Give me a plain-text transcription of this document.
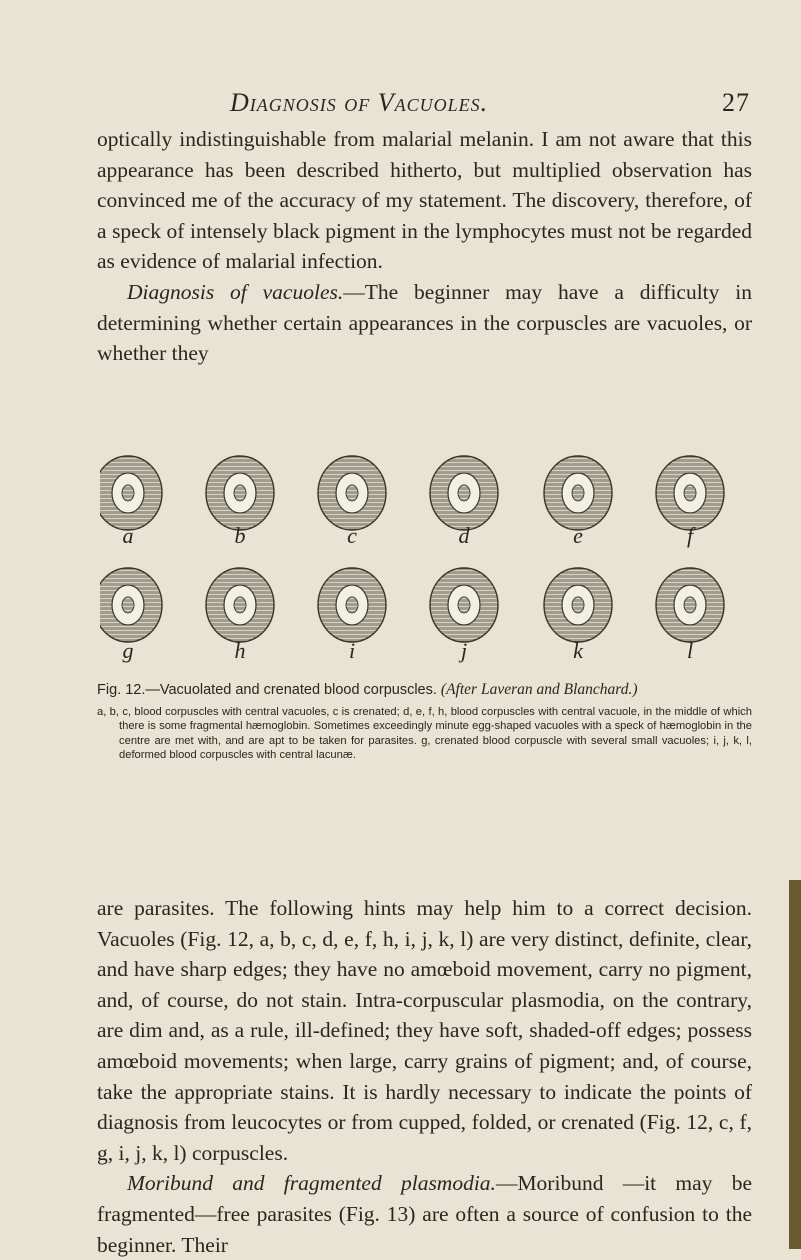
Diagnosis of Vacuoles.	27

optically indistinguishable from malarial melanin. I am not aware that this appearance has been described hitherto, but multiplied observation has convinced me of the accuracy of my statement. The discovery, therefore, of a speck of intensely black pigment in the lymphocytes must not be regarded as evidence of malarial infection.

Diagnosis of vacuoles.—The beginner may have a difficulty in determining whether certain appearances in the corpuscles are vacuoles, or whether they

a	b	c	d	e	f
g	h	i	j	k	l
Fig. 12.—Vacuolated and crenated blood corpuscles. (After Laveran and Blanchard.)
a, b, c, blood corpuscles with central vacuoles, c is crenated; d, e, f, h, blood corpuscles with central vacuole, in the middle of which there is some fragmental hæmoglobin. Sometimes exceedingly minute egg-shaped vacuoles with a speck of hæmoglobin in the centre are met with, and are apt to be taken for parasites. g, crenated blood corpuscle with several small vacuoles; i, j, k, l, deformed blood corpuscles with central lacunæ.

are parasites. The following hints may help him to a correct decision. Vacuoles (Fig. 12, a, b, c, d, e, f, h, i, j, k, l) are very distinct, definite, clear, and have sharp edges; they have no amœboid movement, carry no pigment, and, of course, do not stain. Intra-corpuscular plasmodia, on the contrary, are dim and, as a rule, ill-defined; they have soft, shaded-off edges; possess amœboid movements; when large, carry grains of pigment; and, of course, take the appropriate stains. It is hardly necessary to indicate the points of diagnosis from leucocytes or from cupped, folded, or crenated (Fig. 12, c, f, g, i, j, k, l) corpuscles.

Moribund and fragmented plasmodia.—Moribund —it may be fragmented—free parasites (Fig. 13) are often a source of confusion to the beginner. Their
